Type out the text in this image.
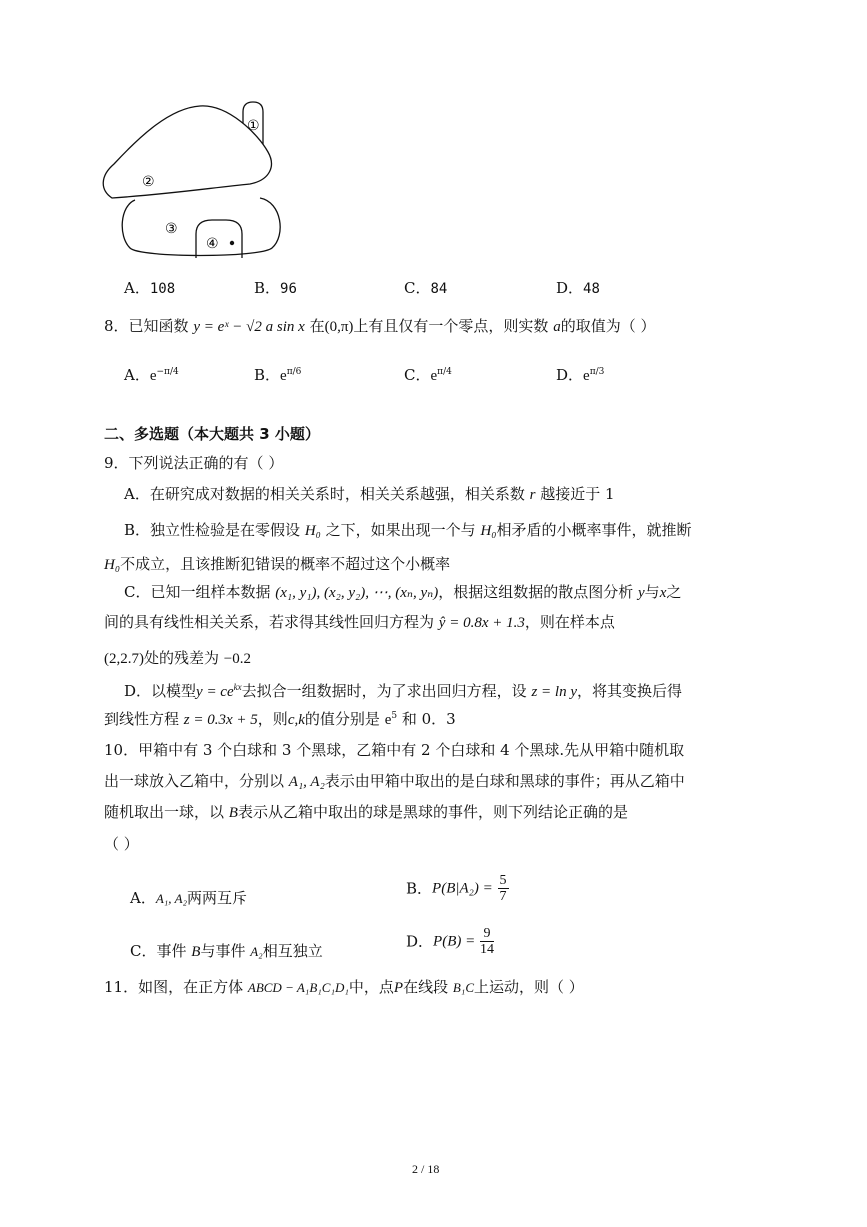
①
②
③
④
A．108	B．96	C．84	D．48
8．已知函数 y = eˣ − √2 a sin x 在(0,π)上有且仅有一个零点，则实数 a的取值为（ ）
A．$e^{-\pi/4}$	B．$e^{\pi/6}$	C．$e^{\pi/4}$	D．$e^{\pi/3}$
二、多选题（本大题共 3 小题）
9．下列说法正确的有（ ）
A．在研究成对数据的相关关系时，相关关系越强，相关系数 r 越接近于 1
B．独立性检验是在零假设 H₀ 之下，如果出现一个与 H₀相矛盾的小概率事件，就推断
H₀不成立，且该推断犯错误的概率不超过这个小概率
C．已知一组样本数据 (x₁, y₁), (x₂, y₂), ⋯, (xₙ, yₙ)，根据这组数据的散点图分析 y与x之
间的具有线性相关关系，若求得其线性回归方程为 ŷ = 0.8x + 1.3，则在样本点
(2,2.7)处的残差为 −0.2
D．以模型$y = ce^{kx}$去拟合一组数据时，为了求出回归方程，设 z = ln y，将其变换后得
到线性方程 z = 0.3x + 5，则c,k的值分别是 $e^5$ 和 0．3
10．甲箱中有 3 个白球和 3 个黑球，乙箱中有 2 个白球和 4 个黑球.先从甲箱中随机取
出一球放入乙箱中，分别以 A₁, A₂表示由甲箱中取出的是白球和黑球的事件；再从乙箱中
随机取出一球，以 B表示从乙箱中取出的球是黑球的事件，则下列结论正确的是
（ ）
A．A₁, A₂两两互斥
B．$P(B|A_2) = \frac{5}{7}$
C．事件 B与事件 A₂相互独立
D．$P(B) = \frac{9}{14}$
11．如图，在正方体 ABCD − A₁B₁C₁D₁中，点P在线段 B₁C上运动，则（ ）
2 / 18
